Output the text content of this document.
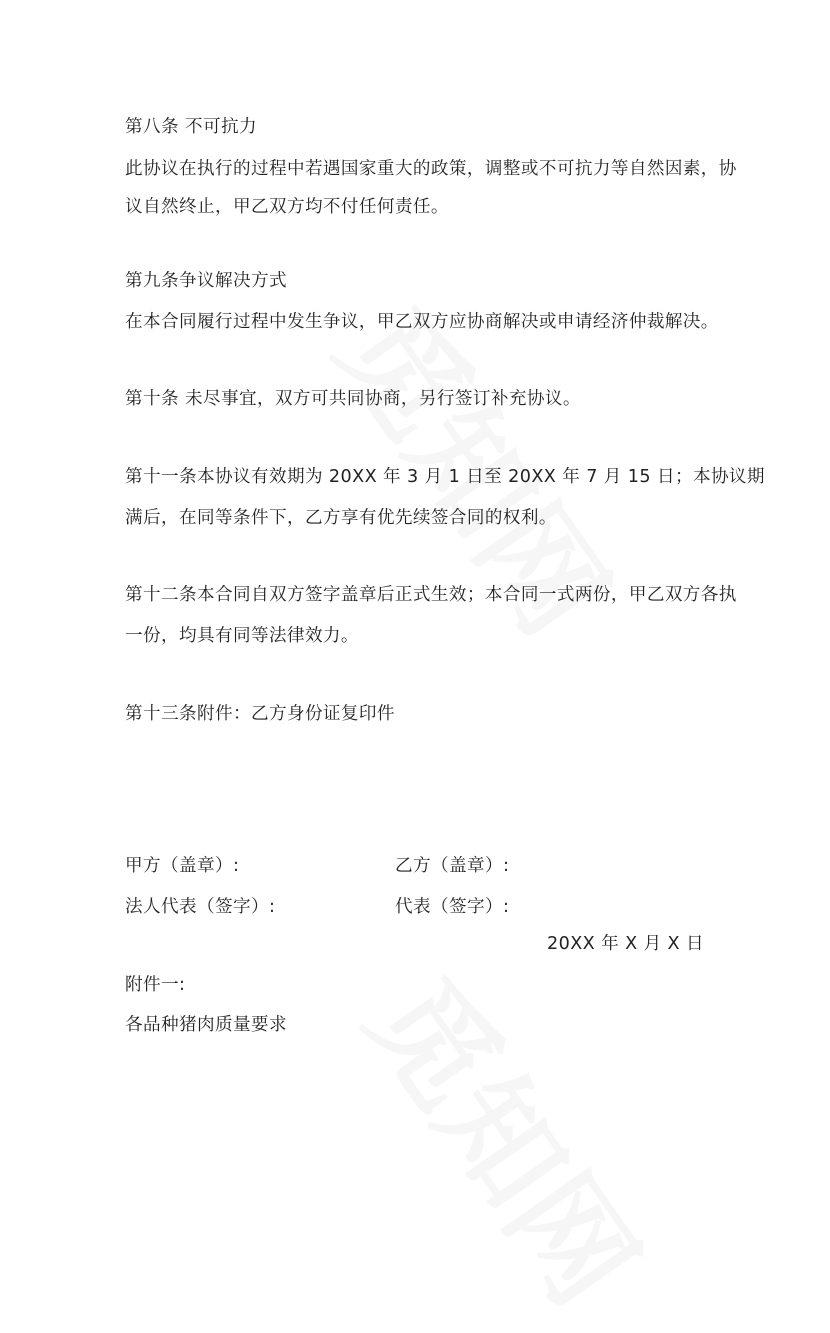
第八条 不可抗力
此协议在执行的过程中若遇国家重大的政策，调整或不可抗力等自然因素，协
议自然终止，甲乙双方均不付任何责任。
第九条争议解决方式
在本合同履行过程中发生争议，甲乙双方应协商解决或申请经济仲裁解决。
第十条 未尽事宜，双方可共同协商，另行签订补充协议。
第十一条本协议有效期为 20XX 年 3 月 1 日至 20XX 年 7 月 15 日；本协议期
满后，在同等条件下，乙方享有优先续签合同的权利。
第十二条本合同自双方签字盖章后正式生效；本合同一式两份，甲乙双方各执
一份，均具有同等法律效力。
第十三条附件：乙方身份证复印件
甲方（盖章）:	乙方（盖章）:
法人代表（签字）:	代表（签字）:
20XX 年 X 月 X 日
附件一:
各品种猪肉质量要求
